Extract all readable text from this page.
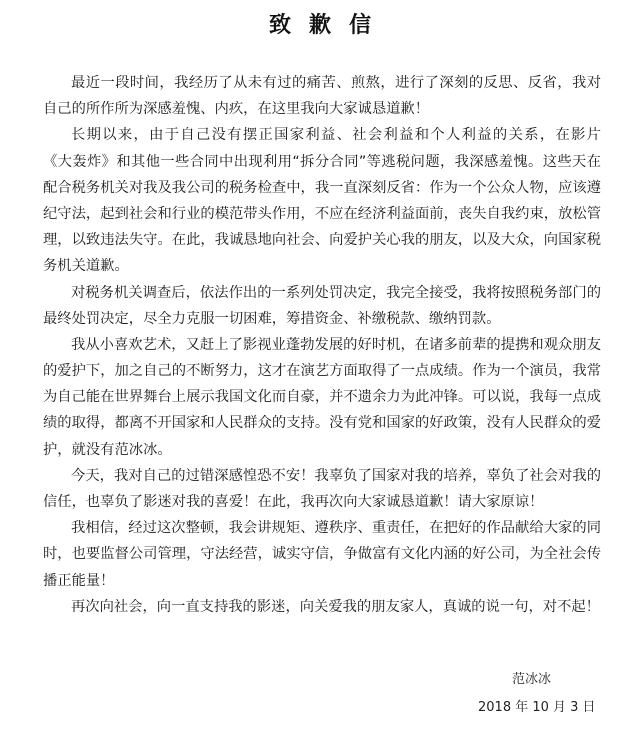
致歉信
最近一段时间，我经历了从未有过的痛苦、煎熬，进行了深刻的反思、反省，我对
自己的所作所为深感羞愧、内疚，在这里我向大家诚恳道歉！
长期以来，由于自己没有摆正国家利益、社会利益和个人利益的关系，在影片
《大轰炸》和其他一些合同中出现利用“拆分合同”等逃税问题，我深感羞愧。这些天在
配合税务机关对我及我公司的税务检查中，我一直深刻反省：作为一个公众人物，应该遵
纪守法，起到社会和行业的模范带头作用，不应在经济利益面前，丧失自我约束，放松管
理，以致违法失守。在此，我诚恳地向社会、向爱护关心我的朋友，以及大众，向国家税
务机关道歉。
对税务机关调查后，依法作出的一系列处罚决定，我完全接受，我将按照税务部门的
最终处罚决定，尽全力克服一切困难，筹措资金、补缴税款、缴纳罚款。
我从小喜欢艺术，又赶上了影视业蓬勃发展的好时机，在诸多前辈的提携和观众朋友
的爱护下，加之自己的不断努力，这才在演艺方面取得了一点成绩。作为一个演员，我常
为自己能在世界舞台上展示我国文化而自豪，并不遗余力为此冲锋。可以说，我每一点成
绩的取得，都离不开国家和人民群众的支持。没有党和国家的好政策，没有人民群众的爱
护，就没有范冰冰。
今天，我对自己的过错深感惶恐不安！我辜负了国家对我的培养，辜负了社会对我的
信任，也辜负了影迷对我的喜爱！在此，我再次向大家诚恳道歉！请大家原谅！
我相信，经过这次整顿，我会讲规矩、遵秩序、重责任，在把好的作品献给大家的同
时，也要监督公司管理，守法经营，诚实守信，争做富有文化内涵的好公司，为全社会传
播正能量！
再次向社会，向一直支持我的影迷，向关爱我的朋友家人，真诚的说一句，对不起！
范冰冰
2018 年 10 月 3 日
